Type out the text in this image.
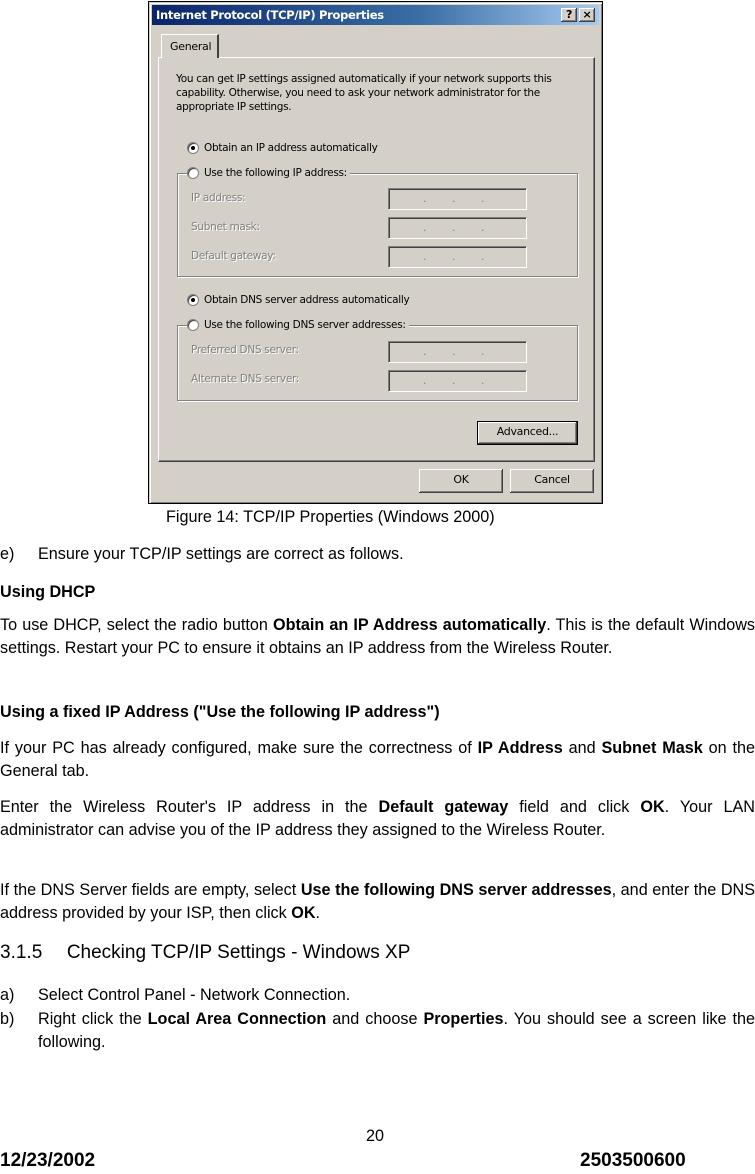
Internet Protocol (TCP/IP) Properties	? ×
General
You can get IP settings assigned automatically if your network supports this capability. Otherwise, you need to ask your network administrator for the appropriate IP settings.
Obtain an IP address automatically
Use the following IP address:
IP address:	. . .
Subnet mask:	. . .
Default gateway:	. . .
Obtain DNS server address automatically
Use the following DNS server addresses:
Preferred DNS server:	. . .
Alternate DNS server:	. . .
Advanced...
OK	Cancel
Figure 14: TCP/IP Properties (Windows 2000)
e) Ensure your TCP/IP settings are correct as follows.
Using DHCP
To use DHCP, select the radio button Obtain an IP Address automatically. This is the default Windows settings. Restart your PC to ensure it obtains an IP address from the Wireless Router.
Using a fixed IP Address ("Use the following IP address")
If your PC has already configured, make sure the correctness of IP Address and Subnet Mask on the General tab.
Enter the Wireless Router's IP address in the Default gateway field and click OK. Your LAN administrator can advise you of the IP address they assigned to the Wireless Router.
If the DNS Server fields are empty, select Use the following DNS server addresses, and enter the DNS address provided by your ISP, then click OK.
3.1.5 Checking TCP/IP Settings - Windows XP
a) Select Control Panel - Network Connection.
b) Right click the Local Area Connection and choose Properties. You should see a screen like the following.
20
12/23/2002	2503500600
